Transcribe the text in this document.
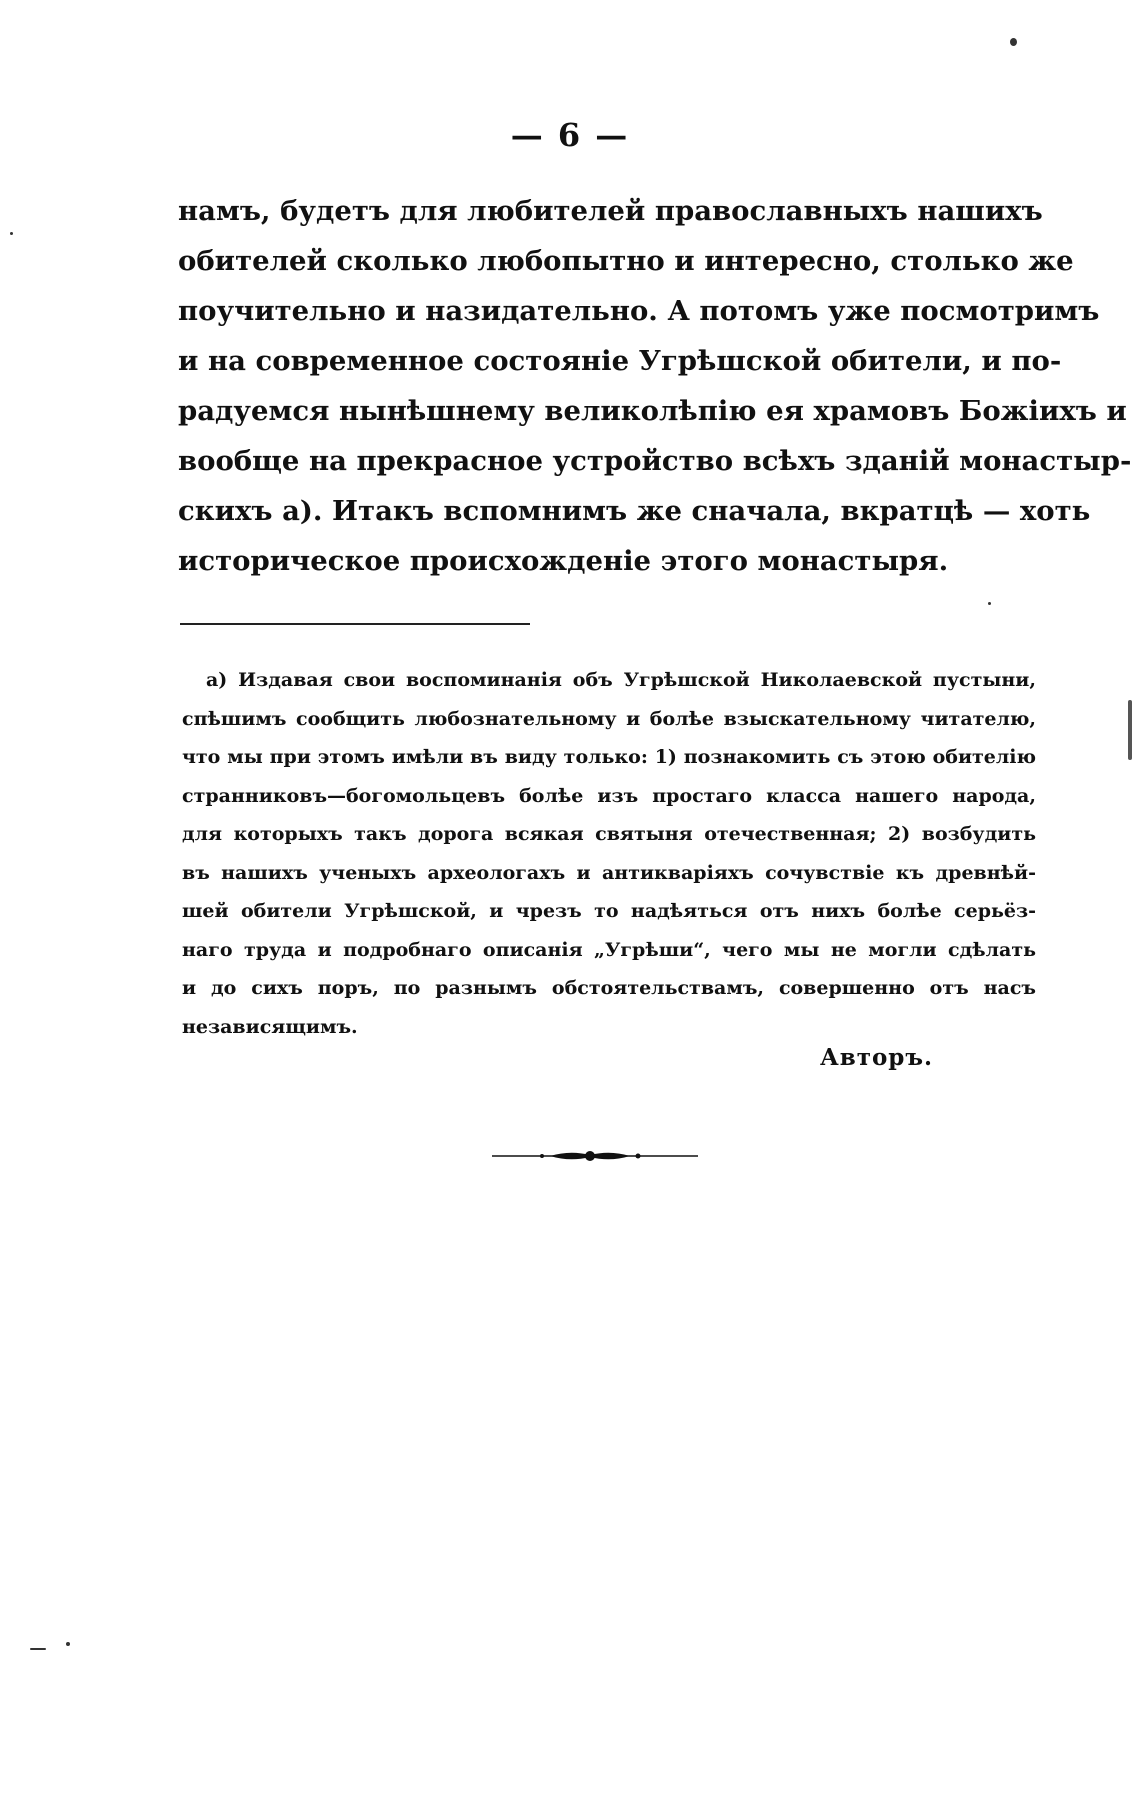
— 6 —
намъ, будетъ для любителей православныхъ нашихъ
обителей сколько любопытно и интересно, столько же
поучительно и назидательно. А потомъ уже посмотримъ
и на современное состояніе Угрѣшской обители, и по-
радуемся нынѣшнему великолѣпію ея храмовъ Божіихъ и
вообще на прекрасное устройство всѣхъ зданій монастыр-
скихъ а). Итакъ вспомнимъ же сначала, вкратцѣ — хоть
историческое происхожденіе этого монастыря.
а) Издавая свои воспоминанія объ Угрѣшской Николаевской пустыни,
спѣшимъ сообщить любознательному и болѣе взыскательному читателю,
что мы при этомъ имѣли въ виду только: 1) познакомить съ этою обителію
странниковъ—богомольцевъ болѣе изъ простаго класса нашего народа,
для которыхъ такъ дорога всякая святыня отечественная; 2) возбудить
въ нашихъ ученыхъ археологахъ и антикваріяхъ сочувствіе къ древнѣй-
шей обители Угрѣшской, и чрезъ то надѣяться отъ нихъ болѣе серьёз-
наго труда и подробнаго описанія „Угрѣши“, чего мы не могли сдѣлать
и до сихъ поръ, по разнымъ обстоятельствамъ, совершенно отъ насъ
независящимъ.
Авторъ.
